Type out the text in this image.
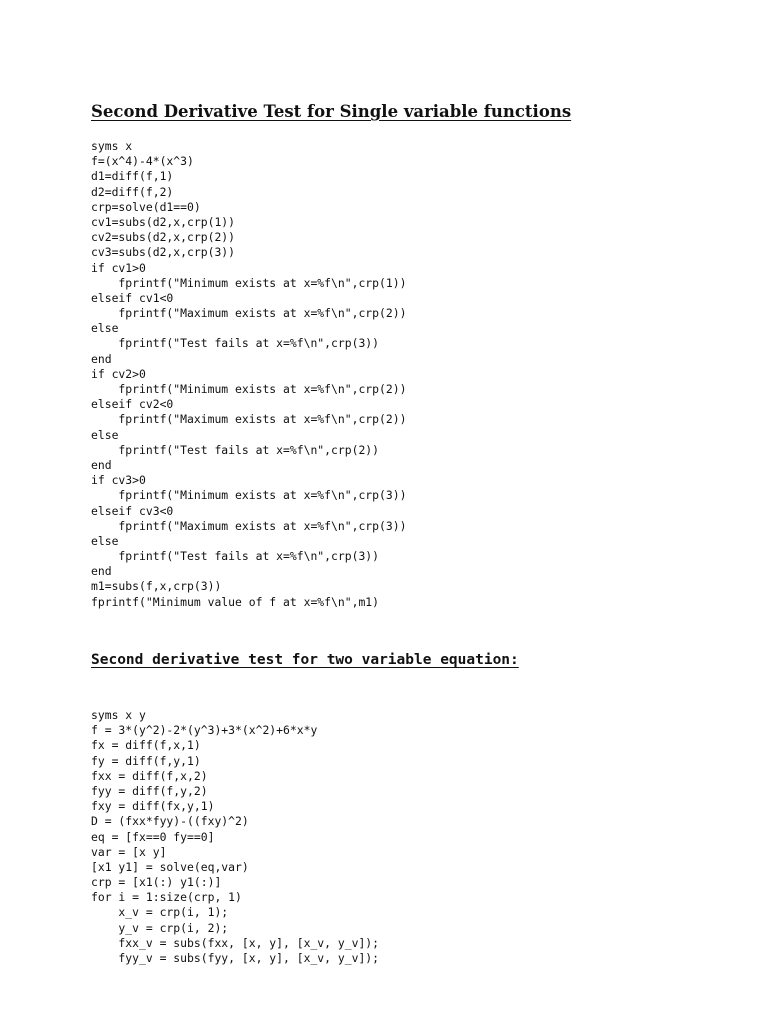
Second Derivative Test for Single variable functions
syms x
f=(x^4)-4*(x^3)
d1=diff(f,1)
d2=diff(f,2)
crp=solve(d1==0)
cv1=subs(d2,x,crp(1))
cv2=subs(d2,x,crp(2))
cv3=subs(d2,x,crp(3))
if cv1>0
fprintf("Minimum exists at x=%f\n",crp(1))
elseif cv1<0
fprintf("Maximum exists at x=%f\n",crp(2))
else
fprintf("Test fails at x=%f\n",crp(3))
end
if cv2>0
fprintf("Minimum exists at x=%f\n",crp(2))
elseif cv2<0
fprintf("Maximum exists at x=%f\n",crp(2))
else
fprintf("Test fails at x=%f\n",crp(2))
end
if cv3>0
fprintf("Minimum exists at x=%f\n",crp(3))
elseif cv3<0
fprintf("Maximum exists at x=%f\n",crp(3))
else
fprintf("Test fails at x=%f\n",crp(3))
end
m1=subs(f,x,crp(3))
fprintf("Minimum value of f at x=%f\n",m1)
Second derivative test for two variable equation:
syms x y
f = 3*(y^2)-2*(y^3)+3*(x^2)+6*x*y
fx = diff(f,x,1)
fy = diff(f,y,1)
fxx = diff(f,x,2)
fyy = diff(f,y,2)
fxy = diff(fx,y,1)
D = (fxx*fyy)-((fxy)^2)
eq = [fx==0 fy==0]
var = [x y]
[x1 y1] = solve(eq,var)
crp = [x1(:) y1(:)]
for i = 1:size(crp, 1)
x_v = crp(i, 1);
y_v = crp(i, 2);
fxx_v = subs(fxx, [x, y], [x_v, y_v]);
fyy_v = subs(fyy, [x, y], [x_v, y_v]);
